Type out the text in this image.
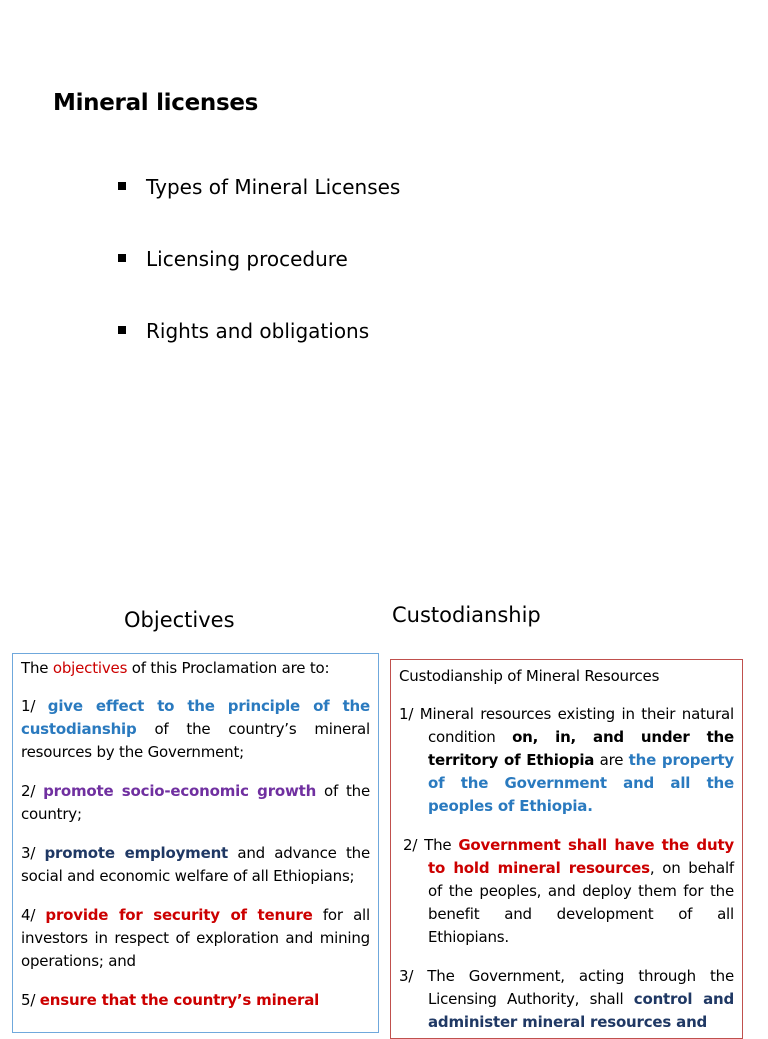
Mineral licenses
Types of Mineral Licenses
Licensing procedure
Rights and obligations
Objectives	Custodianship

The objectives of this Proclamation are to:

1/ give effect to the principle of the custodianship of the country’s mineral resources by the Government;

2/ promote socio-economic growth of the country;

3/ promote employment and advance the social and economic welfare of all Ethiopians;

4/ provide for security of tenure for all investors in respect of exploration and mining operations; and

5/ ensure that the country’s mineral

Custodianship of Mineral Resources

1/ Mineral resources existing in their natural condition on, in, and under the territory of Ethiopia are the property of the Government and all the peoples of Ethiopia.

2/ The Government shall have the duty to hold mineral resources, on behalf of the peoples, and deploy them for the benefit and development of all Ethiopians.

3/ The Government, acting through the Licensing Authority, shall control and administer mineral resources and
